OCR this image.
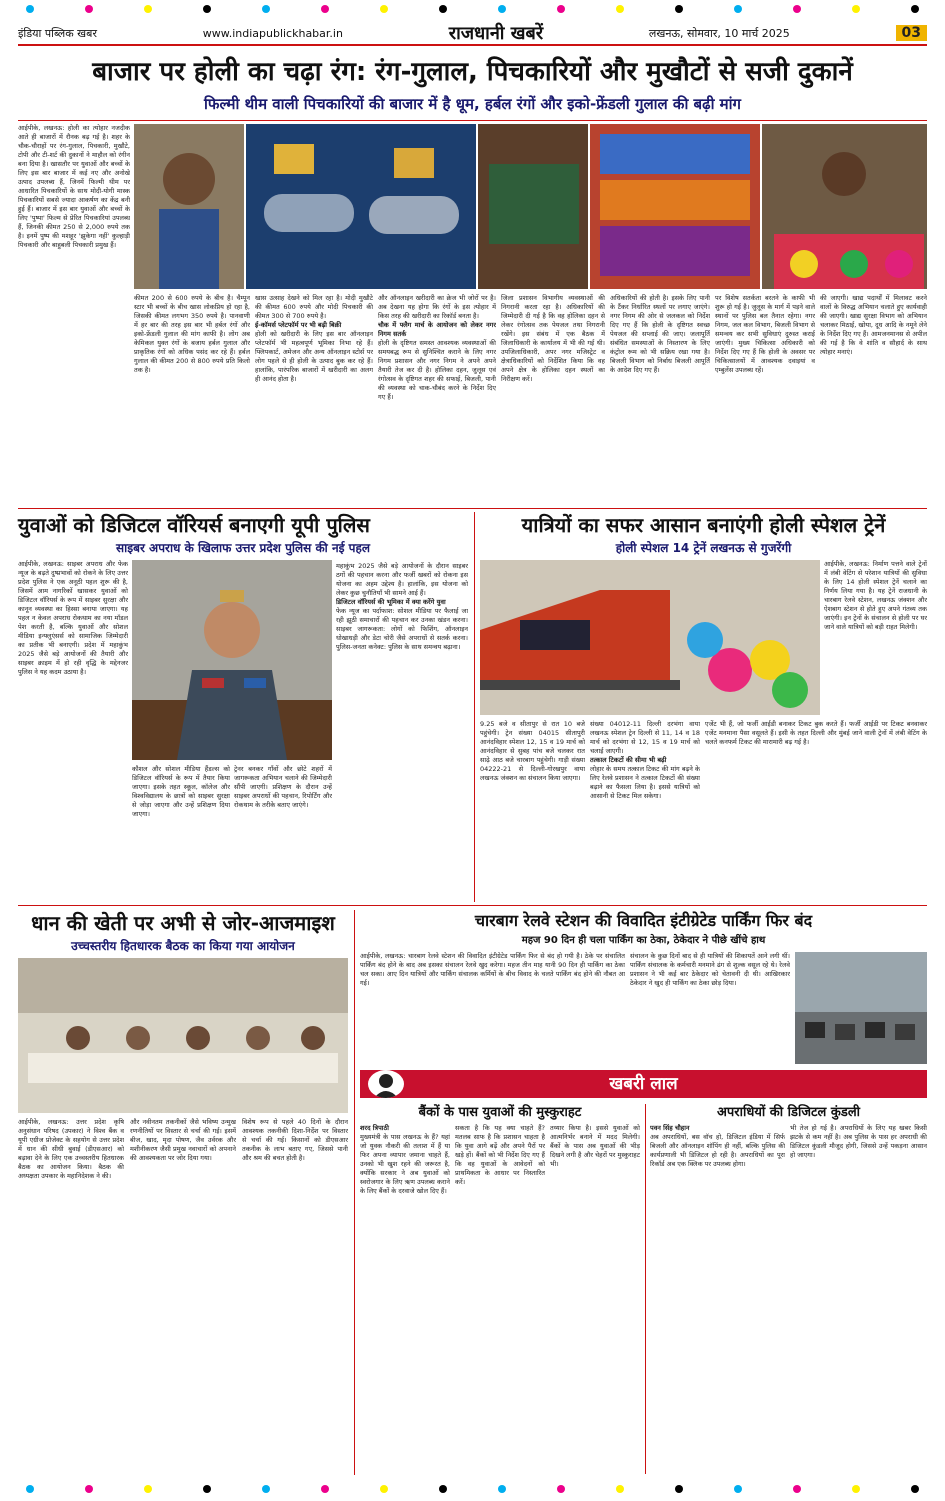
इंडिया पब्लिक खबर	www.indiapublickhabar.in	राजधानी खबरें	लखनऊ, सोमवार, 10 मार्च 2025	03
बाजार पर होली का चढ़ा रंग: रंग-गुलाल, पिचकारियों और मुखौटों से सजी दुकानें
फिल्मी थीम वाली पिचकारियों की बाजार में है धूम, हर्बल रंगों और इको-फ्रेंडली गुलाल की बढ़ी मांग
आईपीके, लखनऊ: होली का त्योहार नजदीक आते ही बाजारों में रौनक बढ़ गई है। शहर के चौक-चौराहों पर रंग-गुलाल, पिचकारी, मुखौटे, टोपी और टी-शर्ट की दुकानों ने माहौल को रंगीन बना दिया है। खासतौर पर युवाओं और बच्चों के लिए इस बार बाजार में कई नए और अनोखे उत्पाद उपलब्ध हैं, जिनमें फिल्मी थीम पर आधारित पिचकारियों के साथ मोदी-योगी मास्क पिचकारियों सबसे ज्यादा आकर्षण का केंद्र बनी हुई हैं। बाजार में इस बार युवाओं और बच्चों के लिए 'पुष्पा' फिल्म से प्रेरित पिचकारियां उपलब्ध हैं, जिनकी कीमत 250 से 2,000 रुपये तक है। इनमें पुष्प की मशहूर 'झुकेगा नहीं' कुल्हाड़ी पिचकारी और बाहुबली पिचकारी प्रमुख हैं।
कीमत 200 से 600 रुपये के बीच है। चैम्पून स्टार भी बच्चों के बीच खास लोकप्रिय हो रहा है, जिसकी कीमत लगभग 350 रुपये है। पानवाणी में हर बार की तरह इस बार भी हर्बल रंगों और इको-फ्रेंडली गुलाल की मांग काफी है। लोग अब केमिकल युक्त रंगों के बजाय हर्बल गुलाल और प्राकृतिक रंगों को अधिक पसंद कर रहे हैं। हर्बल गुलाल की कीमत 200 से 800 रुपये प्रति किलो तक है।
खास उत्साह देखने को मिल रहा है। मोदी मुखौटे की कीमत 600 रुपये और मोदी पिचकारी की कीमत 300 से 700 रुपये है।
ई-कॉमर्स प्लेटफॉर्म पर भी बढ़ी बिक्री
होली को खरीदारी के लिए इस बार ऑनलाइन प्लेटफॉर्म भी महत्वपूर्ण भूमिका निभा रहे हैं। फ्लिपकार्ट, अमेजन और अन्य ऑनलाइन स्टोर्स पर लोग पहले से ही होली के उत्पाद बुक कर रहे हैं। हालांकि, पारंपरिक बाजारों में खरीदारी का अलग ही आनंद होता है।
और ऑनलाइन खरीदारी का क्रेज भी जोरों पर है। अब देखना यह होगा कि रंगों के इस त्योहार में किस तरह की खरीदारी का रिकॉर्ड बनता है।
चौक में फ्लैग मार्च के आयोजन को लेकर नगर निगम सतर्क
होली के दृष्टिगत समस्त आवश्यक व्यवस्थाओं की समयबद्ध रूप से सुनिश्चित कराने के लिए नगर निगम प्रशासन और नगर निगम ने अपने अपने तैयारी तेज कर दी है। होलिका दहन, जुलूस एवं रंगोत्सव के दृष्टिगत शहर की सफाई, बिजली, पानी की व्यवस्था को चाक-चौबंद करने के निर्देश दिए गए हैं।
जिला प्रशासन विभागीय व्यवस्थाओं की निगरानी करता रहा है। अधिकारियों की जिम्मेदारी दी गई है कि वह होलिका दहन से लेकर रंगोत्सव तक पेयजल तथा निगरानी रखेंगे। इस संबंध में एक बैठक में जिलाधिकारी के कार्यालय में भी की गई थी। उपजिलाधिकारी, अपर नगर मजिस्ट्रेट व क्षेत्राधिकारियों को निर्देशित किया कि वह अपने क्षेत्र के होलिका दहन स्थलों का निरीक्षण करें।
अधिकारियों की होती है। इसके लिए पानी के टैंकर निर्धारित स्थलों पर लगाए जाएंगे। नगर निगम की ओर से जलकल को निर्देश दिए गए हैं कि होली के दृष्टिगत स्वच्छ पेयजल की सप्लाई की जाए। जलापूर्ति संबंधित समस्याओं के निस्तारण के लिए कंट्रोल रूम को भी सक्रिय रखा गया है। बिजली विभाग को निर्बाध बिजली आपूर्ति के आदेश दिए गए हैं।
पर विशेष सतर्कता बरतने के काफी भी शुरू हो गई है। जुलूस के मार्ग में पड़ने वाले स्थानों पर पुलिस बल तैनात रहेगा। नगर निगम, जल कल विभाग, बिजली विभाग से समन्वय कर सभी सुविधाएं दुरुस्त कराई जाएंगी। मुख्य चिकित्सा अधिकारी को निर्देश दिए गए हैं कि होली के अवसर पर चिकित्सालयों में आवश्यक दवाइयां व एम्बुलेंस उपलब्ध रहें।
की जाएगी। खाद्य पदार्थों में मिलावट करने वालों के विरुद्ध अभियान चलाते हुए कार्यवाही की जाएगी। खाद्य सुरक्षा विभाग को अभियान चलाकर मिठाई, खोया, दूध आदि के नमूने लेने के निर्देश दिए गए हैं। आमजनमानस से अपील की गई है कि वे शांति व सौहार्द के साथ त्योहार मनाएं।
युवाओं को डिजिटल वॉरियर्स बनाएगी यूपी पुलिस
साइबर अपराध के खिलाफ उत्तर प्रदेश पुलिस की नई पहल
आईपीके, लखनऊ: साइबर अपराध और फेक न्यूज के बढ़ते दुष्प्रभावों को रोकने के लिए उत्तर प्रदेश पुलिस ने एक अनूठी पहल शुरू की है, जिसमें आम नागरिकों खासकर युवाओं को डिजिटल वॉरियर्स के रूप में साइबर सुरक्षा और कानून व्यवस्था का हिस्सा बनाया जाएगा। यह पहल न केवल अपराध रोकथाम का नया मॉडल पेश करती है, बल्कि युवाओं और सोशल मीडिया इन्फ्लुएंसर्स को सामाजिक जिम्मेदारी का प्रतीक भी बनाएगी। प्रदेश में महाकुंभ 2025 जैसे बड़े आयोजनों की तैयारी और साइबर क्राइम में हो रही वृद्धि के मद्देनजर पुलिस ने यह कदम उठाया है।
महाकुंभ 2025 जैसे बड़े आयोजनों के दौरान साइबर ठगों की पहचान करना और फर्जी खबरों को रोकना इस योजना का अहम उद्देश्य है। हालांकि, इस योजना को लेकर कुछ चुनौतियाँ भी सामने आई हैं।
डिजिटल वॉरियर्स की भूमिका में क्या करेंगे युवा
फेक न्यूज का पर्दाफाश: सोशल मीडिया पर फैलाई जा रही झूठी समाचारों की पहचान कर उनका खंडन करना। साइबर जागरूकता: लोगों को फिशिंग, ऑनलाइन धोखाधड़ी और डेटा चोरी जैसे अपराधों से सतर्क करना। पुलिस-जनता कनेक्ट: पुलिस के साथ समन्वय बढ़ाना।
कौशल और सोशल मीडिया हैंडल्स को डिजिटल वॉरियर्स के रूप में तैयार किया जाएगा। इसके तहत स्कूल, कॉलेज और विश्वविद्यालय के छात्रों को साइबर सुरक्षा से जोड़ा जाएगा और उन्हें प्रशिक्षण दिया जाएगा।
ट्रेनर बनकर गाँवों और छोटे शहरों में जागरूकता अभियान चलाने की जिम्मेदारी सौंपी जाएगी। प्रशिक्षण के दौरान उन्हें साइबर अपराधों की पहचान, रिपोर्टिंग और रोकथाम के तरीके बताए जाएंगे।
यात्रियों का सफर आसान बनाएंगी होली स्पेशल ट्रेनें
होली स्पेशल 14 ट्रेनें लखनऊ से गुजरेंगी
आईपीके, लखनऊ: निर्माण पत्तने वाले ट्रेनों में लंबी वेटिंग से परेशान यात्रियों की सुविधा के लिए 14 होली स्पेशल ट्रेनें चलाने का निर्णय लिया गया है। यह ट्रेनें राजधानी के चारबाग रेलवे स्टेशन, लखनऊ जंक्शन और ऐशबाग स्टेशन से होते हुए अपने गंतव्य तक जाएंगी। इन ट्रेनों के संचालन से होली पर घर जाने वाले यात्रियों को बड़ी राहत मिलेगी।
9.25 बजे व सीतापुर से रात 10 बजे पहुंचेगी। ट्रेन संख्या 04015 सीतापुरी आनंदविहार स्पेशल 12, 15 व 19 मार्च को आनंदविहार से सुबह पांच बजे चलकर रात साढ़े आठ बजे चारबाग पहुंचेगी। गाड़ी संख्या 04222-21 से दिल्ली-गोरखपुर वाया लखनऊ जंक्शन का संचालन किया जाएगा।
संख्या 04012-11 दिल्ली दरभंगा वाया लखनऊ स्पेशल ट्रेन दिल्ली से 11, 14 व 18 मार्च को दरभंगा से 12, 15 व 19 मार्च को चलाई जाएगी।
तत्काल टिकटों की सीमा भी बढ़ी
लोहार के समय तत्काल टिकट की मांग बढ़ने के लिए रेलवे प्रशासन ने तत्काल टिकटों की संख्या बढ़ाने का फैसला लिया है। इससे यात्रियों को आसानी से टिकट मिल सकेगा।
एजेंट भी हैं, जो फर्जी आईडी बनाकर टिकट बुक करते हैं। फर्जी आईडी पर टिकट बनवाकर एजेंट मनमाना पैसा वसूलते हैं। इसी के तहत दिल्ली और मुंबई जाने वाली ट्रेनों में लंबी वेटिंग के चलते कनफर्म टिकट की मारामारी बढ़ गई है।
धान की खेती पर अभी से जोर-आजमाइश
उच्चस्तरीय हितधारक बैठक का किया गया आयोजन
आईपीके, लखनऊ: उत्तर प्रदेश कृषि अनुसंधान परिषद (उपकार) ने विश्व बैंक व यूपी एग्रीज प्रोजेक्ट के सहयोग से उत्तर प्रदेश में धान की सीधी बुवाई (डीएसआर) को बढ़ावा देने के लिए एक उच्चस्तरीय हितधारक बैठक का आयोजन किया। बैठक की अध्यक्षता उपकार के महानिदेशक ने की।
और नवीनतम तकनीकों जैसे भविष्य उन्मुख रणनीतियों पर विस्तार से चर्चा की गई। इसमें बीज, खाद, मृदा पोषण, जैव उर्वरक और मशीनीकरण जैसी प्रमुख नवाचारों को अपनाने की आवश्यकता पर जोर दिया गया।
विशेष रूप से पहले 40 दिनों के दौरान आवश्यक तकनीकी दिशा-निर्देश पर विस्तार से चर्चा की गई। किसानों को डीएसआर तकनीक के लाभ बताए गए, जिससे पानी और श्रम की बचत होती है।
चारबाग रेलवे स्टेशन की विवादित इंटीग्रेटेड पार्किंग फिर बंद
महज 90 दिन ही चला पार्किंग का ठेका, ठेकेदार ने पीछे खींचे हाथ
आईपीके, लखनऊ: चारबाग रेलवे स्टेशन की विवादित इंटीग्रेटेड पार्किंग फिर से बंद हो गयी है। ठेके पर संचालित पार्किंग बंद होने के बाद अब इसका संचालन रेलवे खुद करेगा। महज तीन माह यानी 90 दिन ही पार्किंग का ठेका चल सका। आए दिन यात्रियों और पार्किंग संचालक कर्मियों के बीच विवाद के चलते पार्किंग बंद होने की नौबत आ गई।
संचालन के कुछ दिनों बाद से ही यात्रियों की शिकायतें आने लगी थीं। पार्किंग संचालक के कर्मचारी मनमाने ढंग से शुल्क वसूल रहे थे। रेलवे प्रशासन ने भी कई बार ठेकेदार को चेतावनी दी थी। आखिरकार ठेकेदार ने खुद ही पार्किंग का ठेका छोड़ दिया।
खबरी लाल
बैंकों के पास युवाओं की मुस्कुराहट
शरद त्रिपाठी
मुख्यमंत्री के पास लखनऊ के हैं? यहां जो युवक नौकरी की तलाश में हैं या फिर अपना व्यापार जमाना चाहते हैं, उनको भी खुश रहने की जरूरत है, क्योंकि सरकार ने अब युवाओं को स्वरोजगार के लिए ऋण उपलब्ध कराने के लिए बैंकों के दरवाजे खोल दिए हैं।
सकता है कि यह क्या चाहते हैं? मतलब साफ है कि प्रशासन चाहता है कि युवा आगे बढ़ें और अपने पैरों पर खड़े हों। बैंकों को भी निर्देश दिए गए हैं कि वह युवाओं के आवेदनों को प्राथमिकता के आधार पर निस्तारित करें।
तय्यार किया है। इससे युवाओं को आत्मनिर्भर बनाने में मदद मिलेगी। बैंकों के पास अब युवाओं की भीड़ दिखने लगी है और चेहरों पर मुस्कुराहट भी।
अपराधियों की डिजिटल कुंडली
पवन सिंह चौहान
अब अपराधियों, बस वॉच हो, डिजिटल इंडिया में सिर्फ बिजली और ऑनलाइन शॉपिंग ही नहीं, बल्कि पुलिस की कार्यप्रणाली भी डिजिटल हो रही है। अपराधियों का पूरा रिकॉर्ड अब एक क्लिक पर उपलब्ध होगा।
भी तेज हो गई है। अपराधियों के लिए यह खबर किसी झटके से कम नहीं है। अब पुलिस के पास हर अपराधी की डिजिटल कुंडली मौजूद होगी, जिससे उन्हें पकड़ना आसान हो जाएगा।
